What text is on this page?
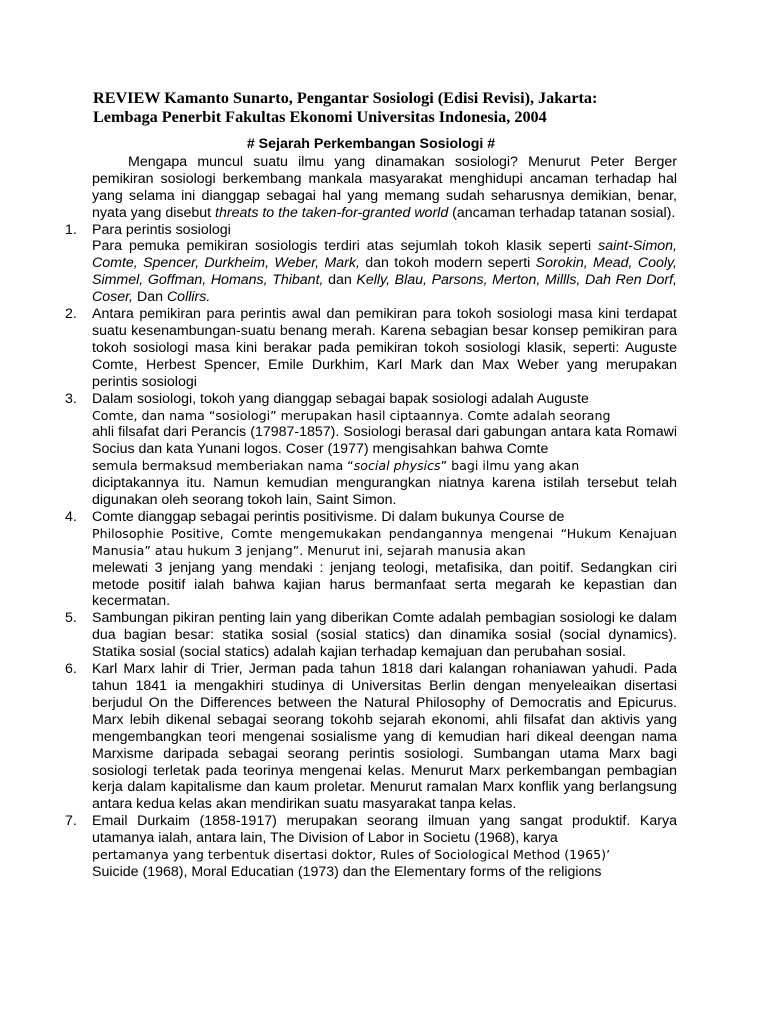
REVIEW Kamanto Sunarto, Pengantar Sosiologi (Edisi Revisi), Jakarta:
Lembaga Penerbit Fakultas Ekonomi Universitas Indonesia, 2004
# Sejarah Perkembangan Sosiologi #

Mengapa muncul suatu ilmu yang dinamakan sosiologi? Menurut Peter Berger pemikiran sosiologi berkembang mankala masyarakat menghidupi ancaman terhadap hal yang selama ini dianggap sebagai hal yang memang sudah seharusnya demikian, benar, nyata yang disebut threats to the taken-for-granted world (ancaman terhadap tatanan sosial).

1. Para perintis sosiologi

Para pemuka pemikiran sosiologis terdiri atas sejumlah tokoh klasik seperti saint-Simon, Comte, Spencer, Durkheim, Weber, Mark, dan tokoh modern seperti Sorokin, Mead, Cooly, Simmel, Goffman, Homans, Thibant, dan Kelly, Blau, Parsons, Merton, Millls, Dah Ren Dorf, Coser, Dan Collirs.

2. Antara pemikiran para perintis awal dan pemikiran para tokoh sosiologi masa kini terdapat suatu kesenambungan-suatu benang merah. Karena sebagian besar konsep pemikiran para tokoh sosiologi masa kini berakar pada pemikiran tokoh sosiologi klasik, seperti: Auguste Comte, Herbest Spencer, Emile Durkhim, Karl Mark dan Max Weber yang merupakan perintis sosiologi

3. Dalam sosiologi, tokoh yang dianggap sebagai bapak sosiologi adalah Auguste
Comte, dan nama “sosiologi” merupakan hasil ciptaannya. Comte adalah seorang
ahli filsafat dari Perancis (17987-1857). Sosiologi berasal dari gabungan antara kata Romawi Socius dan kata Yunani logos. Coser (1977) mengisahkan bahwa Comte
semula bermaksud memberiakan nama “social physics” bagi ilmu yang akan
diciptakannya itu. Namun kemudian mengurangkan niatnya karena istilah tersebut telah digunakan oleh seorang tokoh lain, Saint Simon.

4. Comte dianggap sebagai perintis positivisme. Di dalam bukunya Course de
Philosophie Positive, Comte mengemukakan pendangannya mengenai “Hukum Kenajuan Manusia” atau hukum 3 jenjang”. Menurut ini, sejarah manusia akan
melewati 3 jenjang yang mendaki : jenjang teologi, metafisika, dan poitif. Sedangkan ciri metode positif ialah bahwa kajian harus bermanfaat serta megarah ke kepastian dan kecermatan.

5. Sambungan pikiran penting lain yang diberikan Comte adalah pembagian sosiologi ke dalam dua bagian besar: statika sosial (sosial statics) dan dinamika sosial (social dynamics). Statika sosial (social statics) adalah kajian terhadap kemajuan dan perubahan sosial.

6. Karl Marx lahir di Trier, Jerman pada tahun 1818 dari kalangan rohaniawan yahudi. Pada tahun 1841 ia mengakhiri studinya di Universitas Berlin dengan menyeleaikan disertasi berjudul On the Differences between the Natural Philosophy of Democratis and Epicurus. Marx lebih dikenal sebagai seorang tokohb sejarah ekonomi, ahli filsafat dan aktivis yang mengembangkan teori mengenai sosialisme yang di kemudian hari dikeal deengan nama Marxisme daripada sebagai seorang perintis sosiologi. Sumbangan utama Marx bagi sosiologi terletak pada teorinya mengenai kelas. Menurut Marx perkembangan pembagian kerja dalam kapitalisme dan kaum proletar. Menurut ramalan Marx konflik yang berlangsung antara kedua kelas akan mendirikan suatu masyarakat tanpa kelas.

7. Email Durkaim (1858-1917) merupakan seorang ilmuan yang sangat produktif. Karya utamanya ialah, antara lain, The Division of Labor in Societu (1968), karya
pertamanya yang terbentuk disertasi doktor, Rules of Sociological Method (1965)’
Suicide (1968), Moral Educatian (1973) dan the Elementary forms of the religions
